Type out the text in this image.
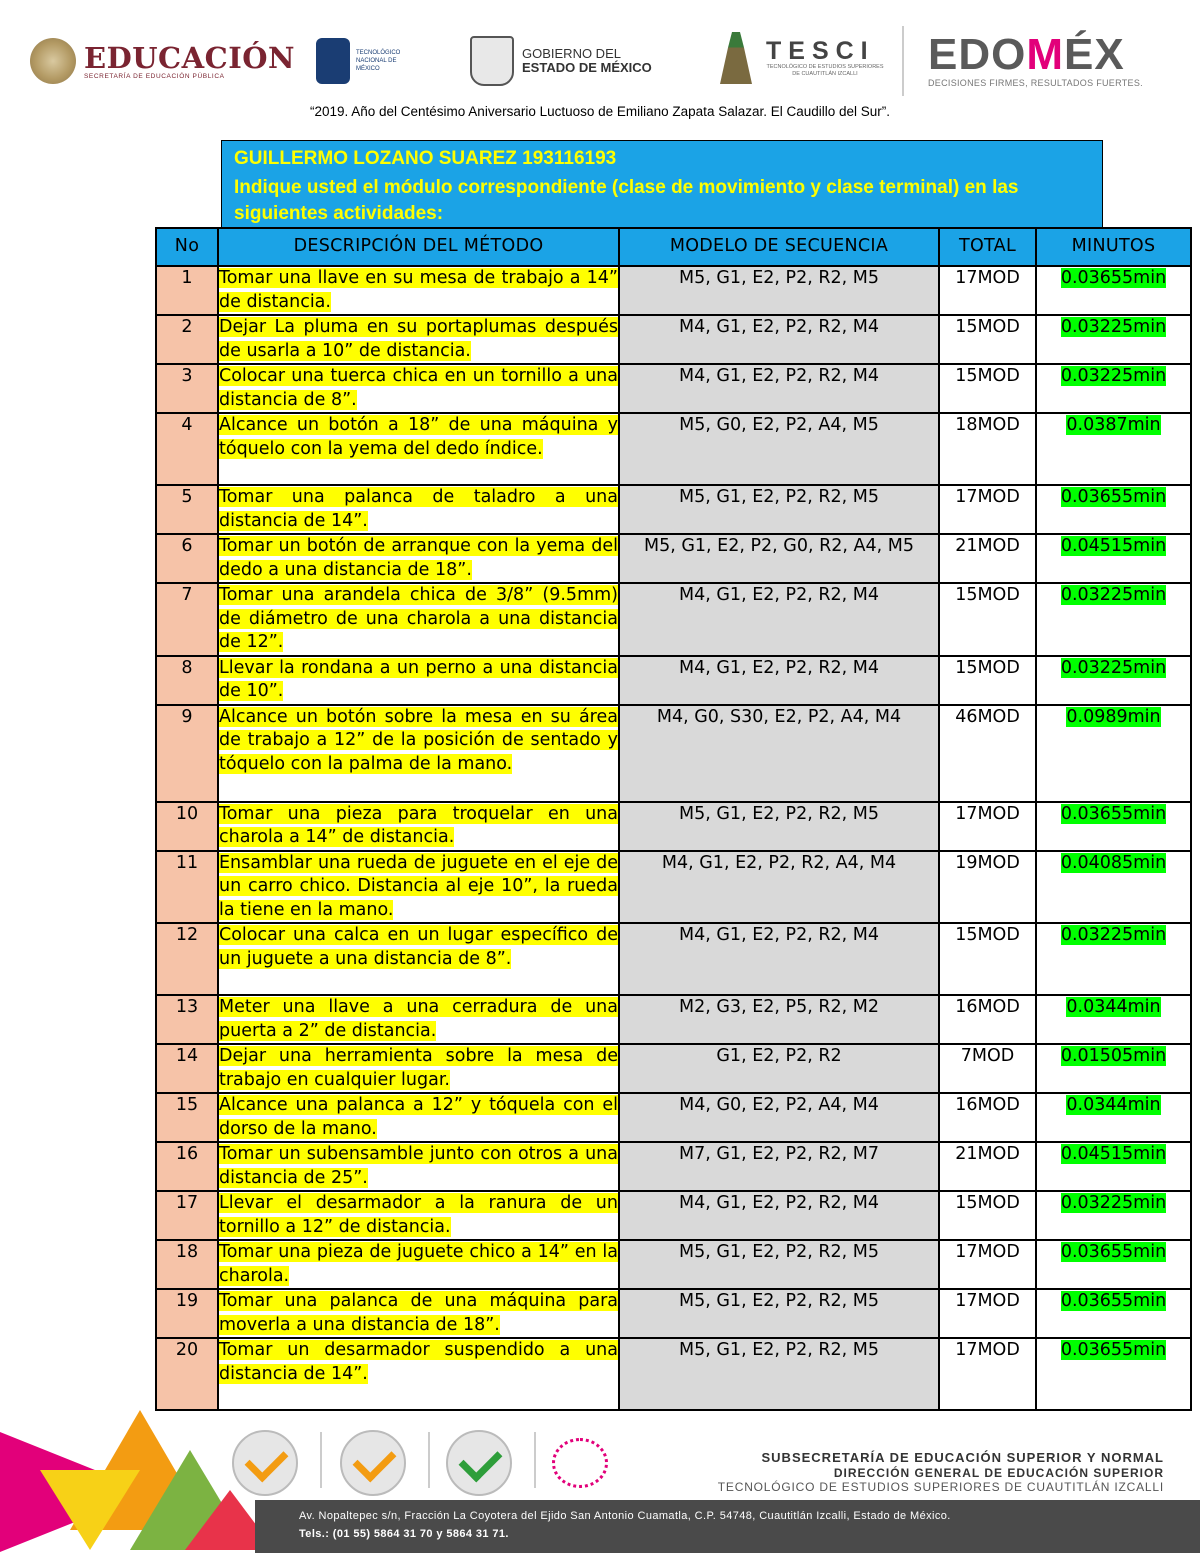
EDUCACIÓN
SECRETARÍA DE EDUCACIÓN PÚBLICA
TECNOLÓGICO NACIONAL DE MÉXICO
GOBIERNO DEL
ESTADO DE MÉXICO
TESCI
TECNOLÓGICO DE ESTUDIOS SUPERIORES DE CUAUTITLÁN IZCALLI	EDOMÉX
DECISIONES FIRMES, RESULTADOS FUERTES.
“2019. Año del Centésimo Aniversario Luctuoso de Emiliano Zapata Salazar. El Caudillo del Sur”.
GUILLERMO LOZANO SUAREZ 193116193
Indique usted el módulo correspondiente (clase de movimiento y clase terminal) en las siguientes actividades:
No	DESCRIPCIÓN DEL MÉTODO	MODELO DE SECUENCIA	TOTAL	MINUTOS
1	Tomar una llave en su mesa de trabajo a 14” de distancia.	M5, G1, E2, P2, R2, M5	17MOD	0.03655min
2	Dejar La pluma en su portaplumas después de usarla a 10” de distancia.	M4, G1, E2, P2, R2, M4	15MOD	0.03225min
3	Colocar una tuerca chica en un tornillo a una distancia de 8”.	M4, G1, E2, P2, R2, M4	15MOD	0.03225min
4	Alcance un botón a 18” de una máquina y tóquelo con la yema del dedo índice.	M5, G0, E2, P2, A4, M5	18MOD	0.0387min
5	Tomar una palanca de taladro a una distancia de 14”.	M5, G1, E2, P2, R2, M5	17MOD	0.03655min
6	Tomar un botón de arranque con la yema del dedo a una distancia de 18”.	M5, G1, E2, P2, G0, R2, A4, M5	21MOD	0.04515min
7	Tomar una arandela chica de 3/8” (9.5mm) de diámetro de una charola a una distancia de 12”.	M4, G1, E2, P2, R2, M4	15MOD	0.03225min
8	Llevar la rondana a un perno a una distancia de 10”.	M4, G1, E2, P2, R2, M4	15MOD	0.03225min
9	Alcance un botón sobre la mesa en su área de trabajo a 12” de la posición de sentado y tóquelo con la palma de la mano.	M4, G0, S30, E2, P2, A4, M4	46MOD	0.0989min
10	Tomar una pieza para troquelar en una charola a 14” de distancia.	M5, G1, E2, P2, R2, M5	17MOD	0.03655min
11	Ensamblar una rueda de juguete en el eje de un carro chico. Distancia al eje 10”, la rueda la tiene en la mano.	M4, G1, E2, P2, R2, A4, M4	19MOD	0.04085min
12	Colocar una calca en un lugar específico de un juguete a una distancia de 8”.	M4, G1, E2, P2, R2, M4	15MOD	0.03225min
13	Meter una llave a una cerradura de una puerta a 2” de distancia.	M2, G3, E2, P5, R2, M2	16MOD	0.0344min
14	Dejar una herramienta sobre la mesa de trabajo en cualquier lugar.	G1, E2, P2, R2	7MOD	0.01505min
15	Alcance una palanca a 12” y tóquela con el dorso de la mano.	M4, G0, E2, P2, A4, M4	16MOD	0.0344min
16	Tomar un subensamble junto con otros a una distancia de 25”.	M7, G1, E2, P2, R2, M7	21MOD	0.04515min
17	Llevar el desarmador a la ranura de un tornillo a 12” de distancia.	M4, G1, E2, P2, R2, M4	15MOD	0.03225min
18	Tomar una pieza de juguete chico a 14” en la charola.	M5, G1, E2, P2, R2, M5	17MOD	0.03655min
19	Tomar una palanca de una máquina para moverla a una distancia de 18”.	M5, G1, E2, P2, R2, M5	17MOD	0.03655min
20	Tomar un desarmador suspendido a una distancia de 14”.	M5, G1, E2, P2, R2, M5	17MOD	0.03655min
SUBSECRETARÍA DE EDUCACIÓN SUPERIOR Y NORMAL
DIRECCIÓN GENERAL DE EDUCACIÓN SUPERIOR
TECNOLÓGICO DE ESTUDIOS SUPERIORES DE CUAUTITLÁN IZCALLI
Av. Nopaltepec s/n, Fracción La Coyotera del Ejido San Antonio Cuamatla, C.P. 54748, Cuautitlán Izcalli, Estado de México.
Tels.: (01 55) 5864 31 70 y 5864 31 71.
